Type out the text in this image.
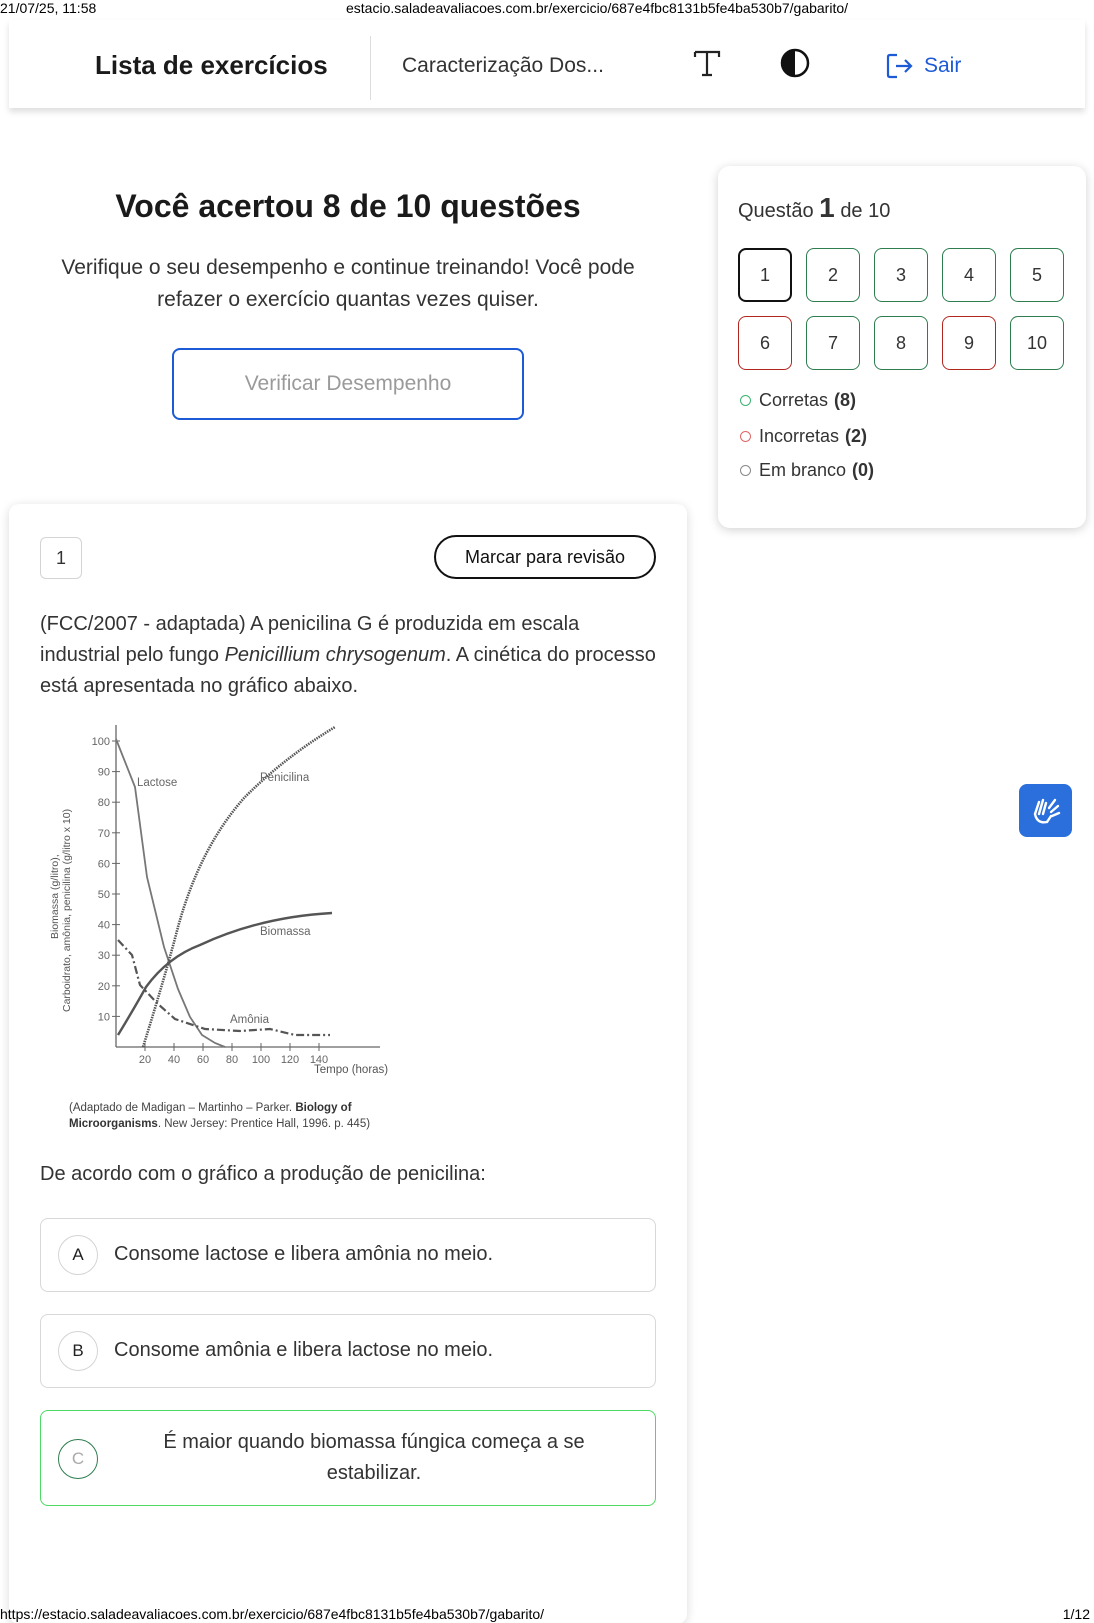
21/07/25, 11:58	estacio.saladeavaliacoes.com.br/exercicio/687e4fbc8131b5fe4ba530b7/gabarito/
Lista de exercícios	Caracterização Dos...	Sair
Você acertou 8 de 10 questões
Verifique o seu desempenho e continue treinando! Você pode refazer o exercício quantas vezes quiser.
Verificar Desempenho
Questão 1 de 10
1	2	3	4	5
6	7	8	9	10
Corretas (8)
Incorretas (2)
Em branco (0)
1	Marcar para revisão
(FCC/2007 - adaptada) A penicilina G é produzida em escala industrial pelo fungo Penicillium chrysogenum. A cinética do processo está apresentada no gráfico abaixo.
10
20
30
40
50
60
70
80
90
100
20 40 60 80 100 120 140
Carboidrato, amônia, penicilina (g/litro x 10)
Biomassa (g/litro),
Tempo (horas)
Lactose	Penicilina
Biomassa
Amônia
(Adaptado de Madigan – Martinho – Parker. Biology of Microorganisms. New Jersey: Prentice Hall, 1996. p. 445)
De acordo com o gráfico a produção de penicilina:
A	Consome lactose e libera amônia no meio.
B	Consome amônia e libera lactose no meio.
C
É maior quando biomassa fúngica começa a se estabilizar.
https://estacio.saladeavaliacoes.com.br/exercicio/687e4fbc8131b5fe4ba530b7/gabarito/	1/12
